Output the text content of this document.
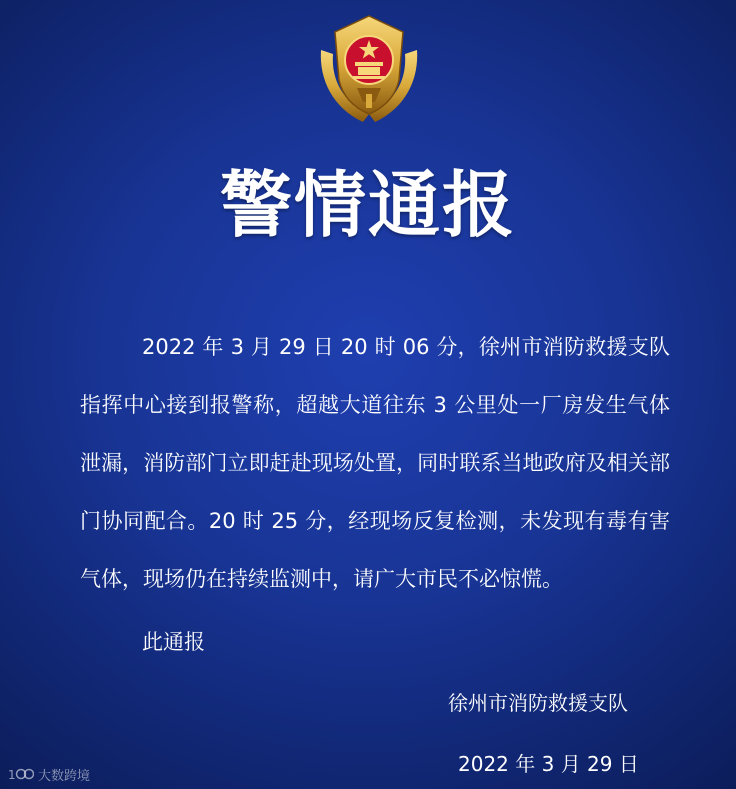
警情通报

2022 年 3 月 29 日 20 时 06 分，徐州市消防救援支队指挥中心接到报警称，超越大道往东 3 公里处一厂房发生气体泄漏，消防部门立即赶赴现场处置，同时联系当地政府及相关部门协同配合。20 时 25 分，经现场反复检测，未发现有毒有害气体，现场仍在持续监测中，请广大市民不必惊慌。

此通报
徐州市消防救援支队
2022 年 3 月 29 日
1 大数跨境
